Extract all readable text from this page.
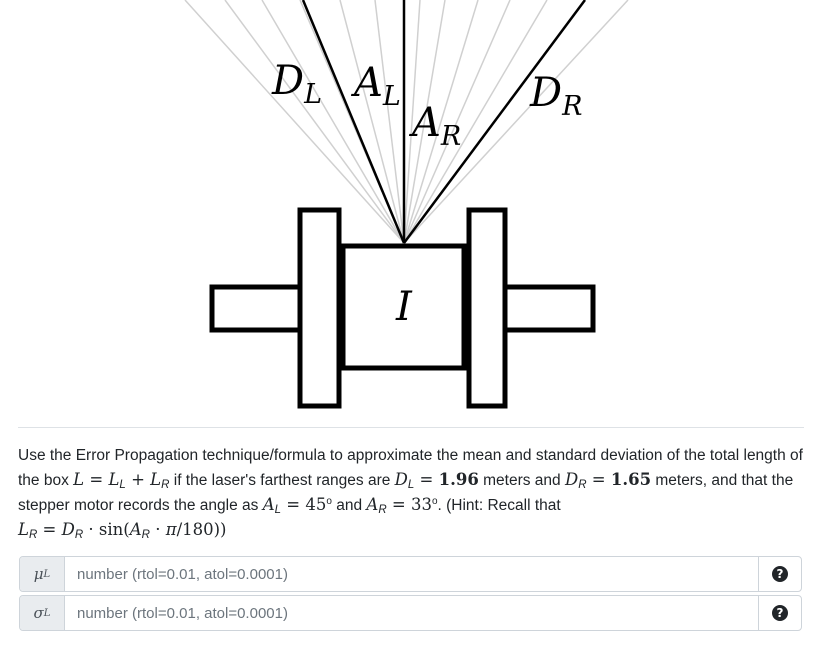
$D_L$ $A_L$
$A_R$
$D_R$
I
Use the Error Propagation technique/formula to approximate the mean and standard deviation of the total length of the box $L = L_L + L_R$ if the laser's farthest ranges are $D_L = 1.96$ meters and $D_R = 1.65$ meters, and that the stepper motor records the angle as $A_L = 45^o$ and $A_R = 33^o$. (Hint: Recall that
$L_R = D_R \cdot \sin(A_R \cdot \pi/180)$)
μ L
number (rtol=0.01, atol=0.0001)	?
σ L
number (rtol=0.01, atol=0.0001)	?
